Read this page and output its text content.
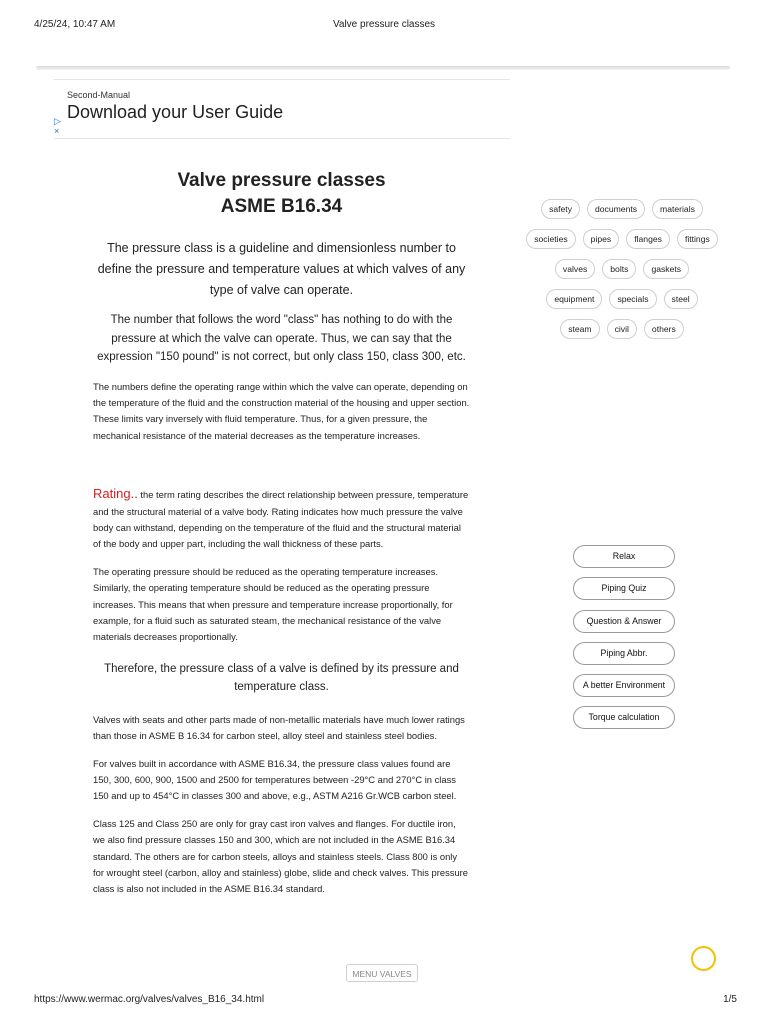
4/25/24, 10:47 AM	Valve pressure classes
Second-Manual
Download your User Guide
▷
×
Valve pressure classes
ASME B16.34

The pressure class is a guideline and dimensionless number to define the pressure and temperature values at which valves of any type of valve can operate.

The number that follows the word "class" has nothing to do with the pressure at which the valve can operate. Thus, we can say that the expression "150 pound" is not correct, but only class 150, class 300, etc.

The numbers define the operating range within which the valve can operate, depending on the temperature of the fluid and the construction material of the housing and upper section. These limits vary inversely with fluid temperature. Thus, for a given pressure, the mechanical resistance of the material decreases as the temperature increases.

Rating.. the term rating describes the direct relationship between pressure, temperature and the structural material of a valve body. Rating indicates how much pressure the valve body can withstand, depending on the temperature of the fluid and the structural material of the body and upper part, including the wall thickness of these parts.

The operating pressure should be reduced as the operating temperature increases. Similarly, the operating temperature should be reduced as the operating pressure increases. This means that when pressure and temperature increase proportionally, for example, for a fluid such as saturated steam, the mechanical resistance of the valve materials decreases proportionally.

Therefore, the pressure class of a valve is defined by its pressure and temperature class.

Valves with seats and other parts made of non-metallic materials have much lower ratings than those in ASME B 16.34 for carbon steel, alloy steel and stainless steel bodies.

For valves built in accordance with ASME B16.34, the pressure class values found are 150, 300, 600, 900, 1500 and 2500 for temperatures between -29°C and 270°C in class 150 and up to 454°C in classes 300 and above, e.g., ASTM A216 Gr.WCB carbon steel.

Class 125 and Class 250 are only for gray cast iron valves and flanges. For ductile iron, we also find pressure classes 150 and 300, which are not included in the ASME B16.34 standard. The others are for carbon steels, alloys and stainless steels. Class 800 is only for wrought steel (carbon, alloy and stainless) globe, slide and check valves. This pressure class is also not included in the ASME B16.34 standard.

safety	documents	materials
societies	pipes	flanges	fittings
valves	bolts	gaskets
equipment	specials	steel
steam	civil	others
Relax
Piping Quiz
Question & Answer
Piping Abbr.
A better Environment
Torque calculation
MENU VALVES
https://www.wermac.org/valves/valves_B16_34.html	1/5
